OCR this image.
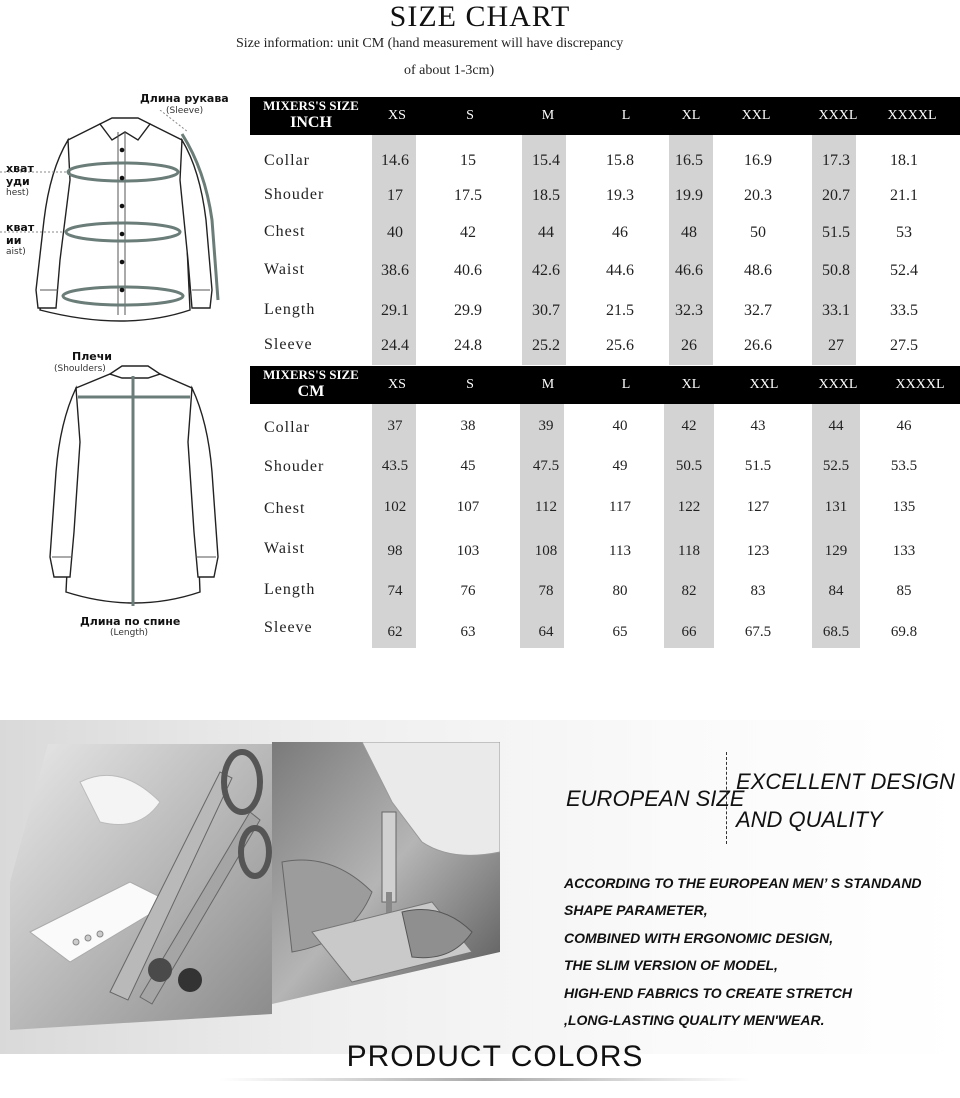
SIZE CHART
Size information: unit CM (hand measurement will have discrepancy
of about 1-3cm)
Длина рукава
(Sleeve)
хват
уди
hest)
кват
ии
aist)
Плечи
(Shoulders)
Длина по спине
(Length)
MIXERS'S SIZE
INCH	XS	S	M	L	XL	XXL	XXXL	XXXXL
Collar	14.6	15	15.4	15.8	16.5	16.9	17.3	18.1
Shouder	17	17.5	18.5	19.3	19.9	20.3	20.7	21.1
Chest	40	42	44	46	48	50	51.5	53
Waist	38.6	40.6	42.6	44.6	46.6	48.6	50.8	52.4
Length	29.1	29.9	30.7	21.5	32.3	32.7	33.1	33.5
Sleeve	24.4	24.8	25.2	25.6	26	26.6	27	27.5
MIXERS'S SIZE
CM	XS	S	M	L	XL	XXL	XXXL	XXXXL
Collar	37	38	39	40	42	43	44	46
Shouder	43.5	45	47.5	49	50.5	51.5	52.5	53.5
Chest	102	107	112	117	122	127	131	135
Waist	98	103	108	113	118	123	129	133
Length	74	76	78	80	82	83	84	85
Sleeve	62	63	64	65	66	67.5	68.5	69.8
EUROPEAN SIZE
EXCELLENT DESIGN
AND QUALITY
ACCORDING TO THE EUROPEAN MEN’ S STANDAND
SHAPE PARAMETER,
COMBINED WITH ERGONOMIC DESIGN,
THE SLIM VERSION OF MODEL,
HIGH-END FABRICS TO CREATE STRETCH
,LONG-LASTING QUALITY MEN'WEAR.
PRODUCT COLORS
